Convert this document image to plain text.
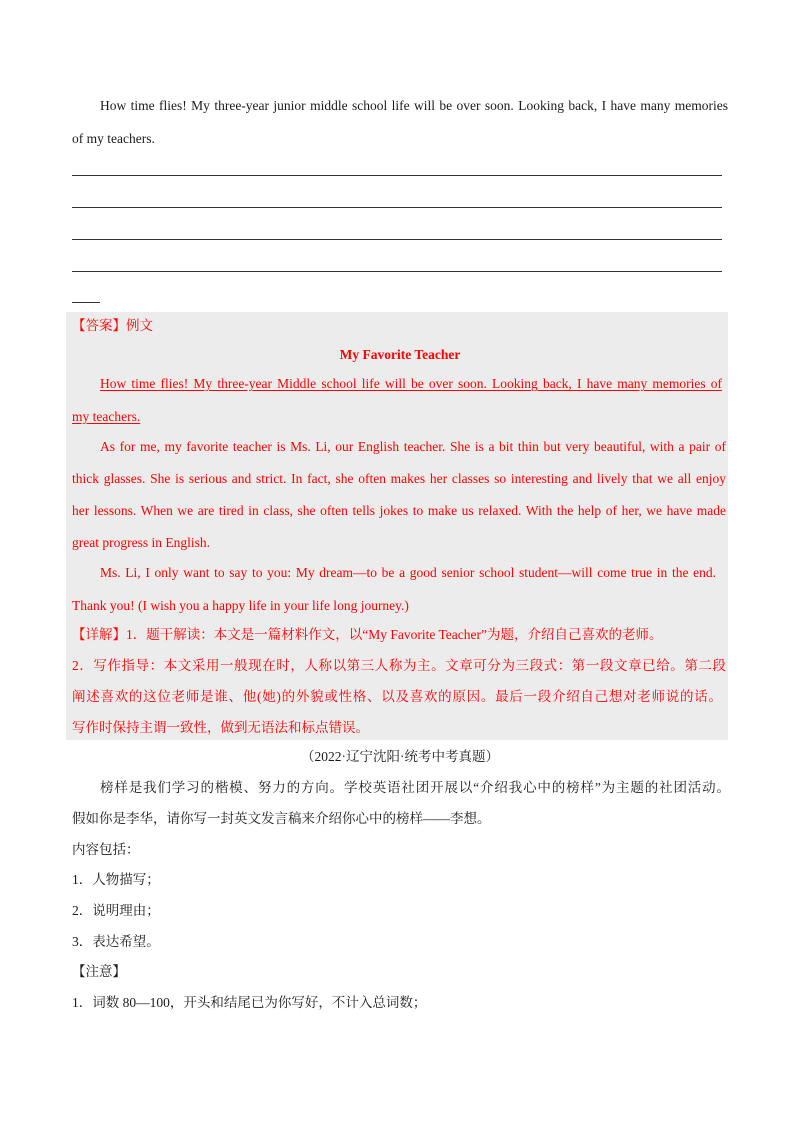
How time flies! My three-year junior middle school life will be over soon. Looking back, I have many memories
of my teachers.
【答案】例文
My Favorite Teacher
How time flies! My three-year Middle school life will be over soon. Looking back, I have many memories of
my teachers.
As for me, my favorite teacher is Ms. Li, our English teacher. She is a bit thin but very beautiful, with a pair of
thick glasses. She is serious and strict. In fact, she often makes her classes so interesting and lively that we all enjoy
her lessons. When we are tired in class, she often tells jokes to make us relaxed. With the help of her, we have made
great progress in English.
Ms. Li, I only want to say to you: My dream—to be a good senior school student—will come true in the end.
Thank you! (I wish you a happy life in your life long journey.)
【详解】1．题干解读：本文是一篇材料作文，以“My Favorite Teacher”为题，介绍自己喜欢的老师。
2．写作指导：本文采用一般现在时，人称以第三人称为主。文章可分为三段式：第一段文章已给。第二段
阐述喜欢的这位老师是谁、他(她)的外貌或性格、以及喜欢的原因。最后一段介绍自己想对老师说的话。
写作时保持主谓一致性，做到无语法和标点错误。
（2022·辽宁沈阳·统考中考真题）
榜样是我们学习的楷模、努力的方向。学校英语社团开展以“介绍我心中的榜样”为主题的社团活动。
假如你是李华，请你写一封英文发言稿来介绍你心中的榜样——李想。
内容包括：
1．人物描写；
2．说明理由；
3．表达希望。
【注意】
1．词数 80—100，开头和结尾已为你写好，不计入总词数；
